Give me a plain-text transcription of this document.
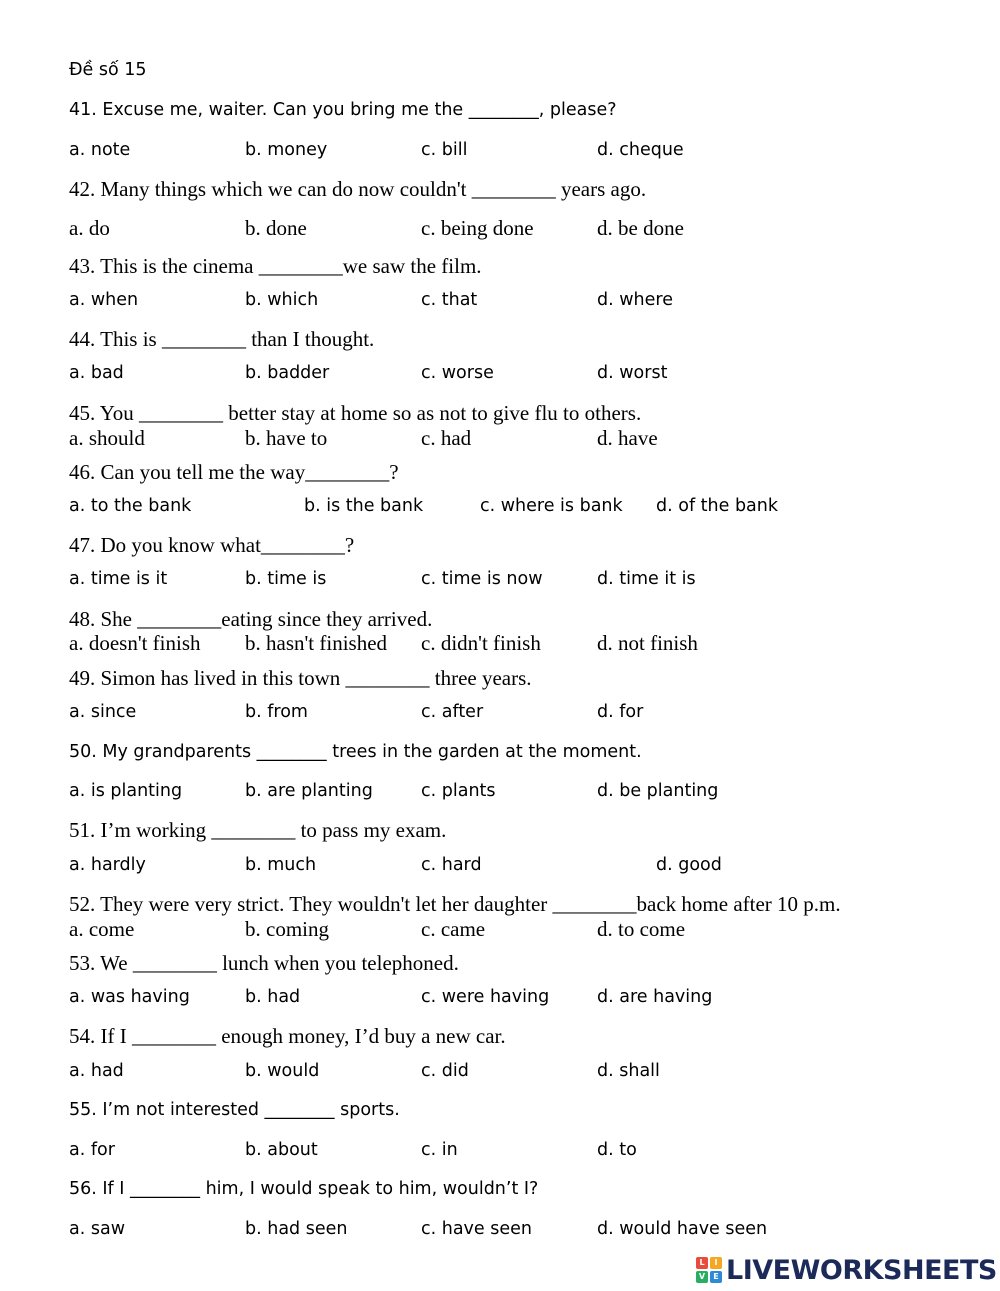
Đề số 15
41. Excuse me, waiter. Can you bring me the ________, please?
a. note	b. money	c. bill	d. cheque
42. Many things which we can do now couldn't ________ years ago.
a. do	b. done	c. being done	d. be done
43. This is the cinema ________we saw the film.
a. when	b. which	c. that	d. where
44. This is ________ than I thought.
a. bad	b. badder	c. worse	d. worst
45. You ________ better stay at home so as not to give flu to others.
a. should	b. have to	c. had	d. have
46. Can you tell me the way________?
a. to the bank	b. is the bank	c. where is bank d. of the bank
47. Do you know what________?
a. time is it	b. time is	c. time is now	d. time it is
48. She ________eating since they arrived.
a. doesn't finish b. hasn't finished c. didn't finish	d. not finish
49. Simon has lived in this town ________ three years.
a. since	b. from	c. after	d. for
50. My grandparents ________ trees in the garden at the moment.
a. is planting	b. are planting	c. plants	d. be planting
51. I’m working ________ to pass my exam.
a. hardly	b. much	c. hard	d. good
52. They were very strict. They wouldn't let her daughter ________back home after 10 p.m.
a. come	b. coming	c. came	d. to come
53. We ________ lunch when you telephoned.
a. was having	b. had	c. were having	d. are having
54. If I ________ enough money, I’d buy a new car.
a. had	b. would	c. did	d. shall
55. I’m not interested ________ sports.
a. for	b. about	c. in	d. to
56. If I ________ him, I would speak to him, wouldn’t I?
a. saw	b. had seen	c. have seen	d. would have seen
L	I
V	E LIVEWORKSHEETS
